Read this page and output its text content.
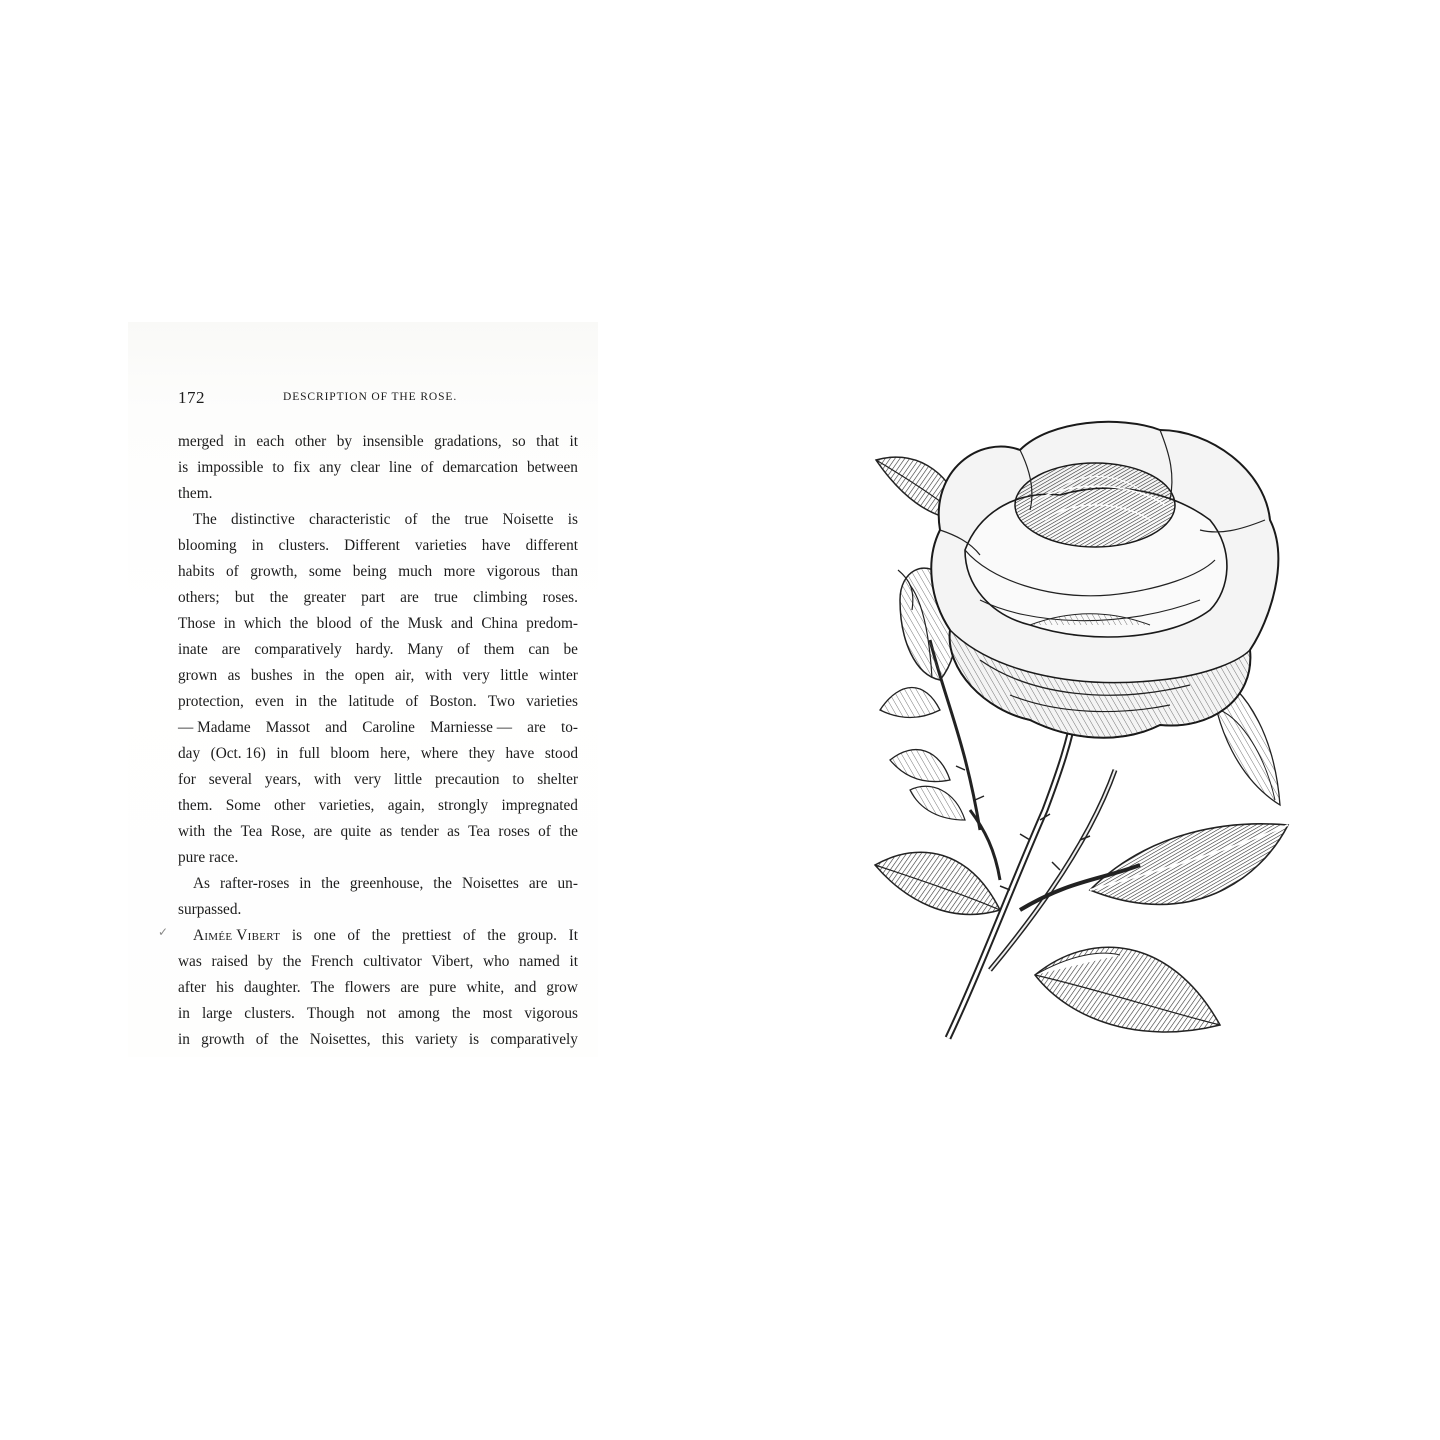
172	DESCRIPTION OF THE ROSE.
✓
merged in each other by insensible gradations, so that it
is impossible to fix any clear line of demarcation between
them.
The distinctive characteristic of the true Noisette is
blooming in clusters. Different varieties have different
habits of growth, some being much more vigorous than
others; but the greater part are true climbing roses.
Those in which the blood of the Musk and China predom-
inate are comparatively hardy. Many of them can be
grown as bushes in the open air, with very little winter
protection, even in the latitude of Boston. Two varieties
— Madame Massot and Caroline Marniesse — are to-
day (Oct. 16) in full bloom here, where they have stood
for several years, with very little precaution to shelter
them. Some other varieties, again, strongly impregnated
with the Tea Rose, are quite as tender as Tea roses of the
pure race.
As rafter-roses in the greenhouse, the Noisettes are un-
surpassed.
Aimée Vibert is one of the prettiest of the group. It
was raised by the French cultivator Vibert, who named it
after his daughter. The flowers are pure white, and grow
in large clusters. Though not among the most vigorous
in growth of the Noisettes, this variety is comparatively
